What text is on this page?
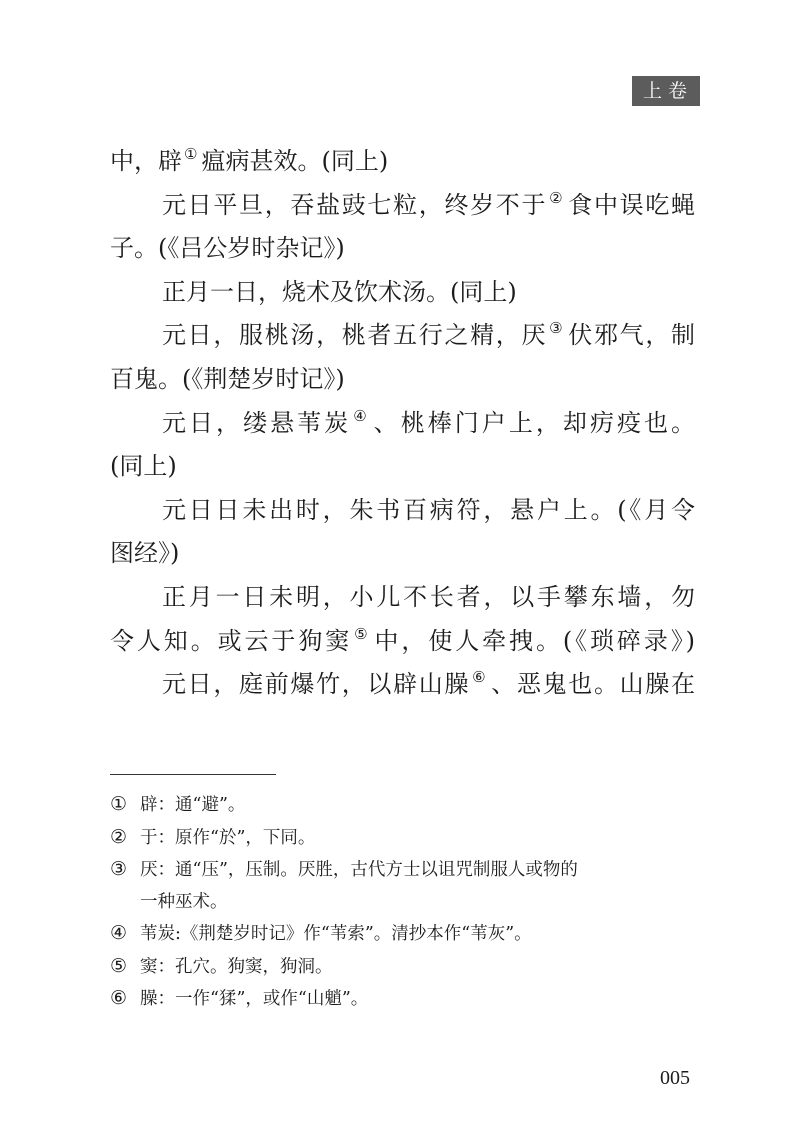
上卷
中，辟 ① 瘟病甚效。(同上)
元日平旦，吞盐豉七粒，终岁不于 ② 食中误吃蝇
子。(《吕公岁时杂记》)
正月一日，烧术及饮术汤。(同上)
元日，服桃汤，桃者五行之精，厌 ③ 伏邪气，制
百鬼。(《荆楚岁时记》)
元日，缕悬苇炭 ④ 、桃棒门户上，却疠疫也。
(同上)
元日日未出时，朱书百病符，悬户上。(《月令
图经》)
正月一日未明，小儿不长者，以手攀东墙，勿
令人知。或云于狗窦 ⑤ 中，使人牵拽。(《琐碎录》)
元日，庭前爆竹，以辟山臊 ⑥ 、恶鬼也。山臊在
① 辟：通“避”。
② 于：原作“於”，下同。
③ 厌：通“压”，压制。厌胜，古代方士以诅咒制服人或物的
一种巫术。
④ 苇炭:《荆楚岁时记》作“苇索”。清抄本作“苇灰”。
⑤ 窦：孔穴。狗窦，狗洞。
⑥ 臊：一作“猱”，或作“山魈”。
005
